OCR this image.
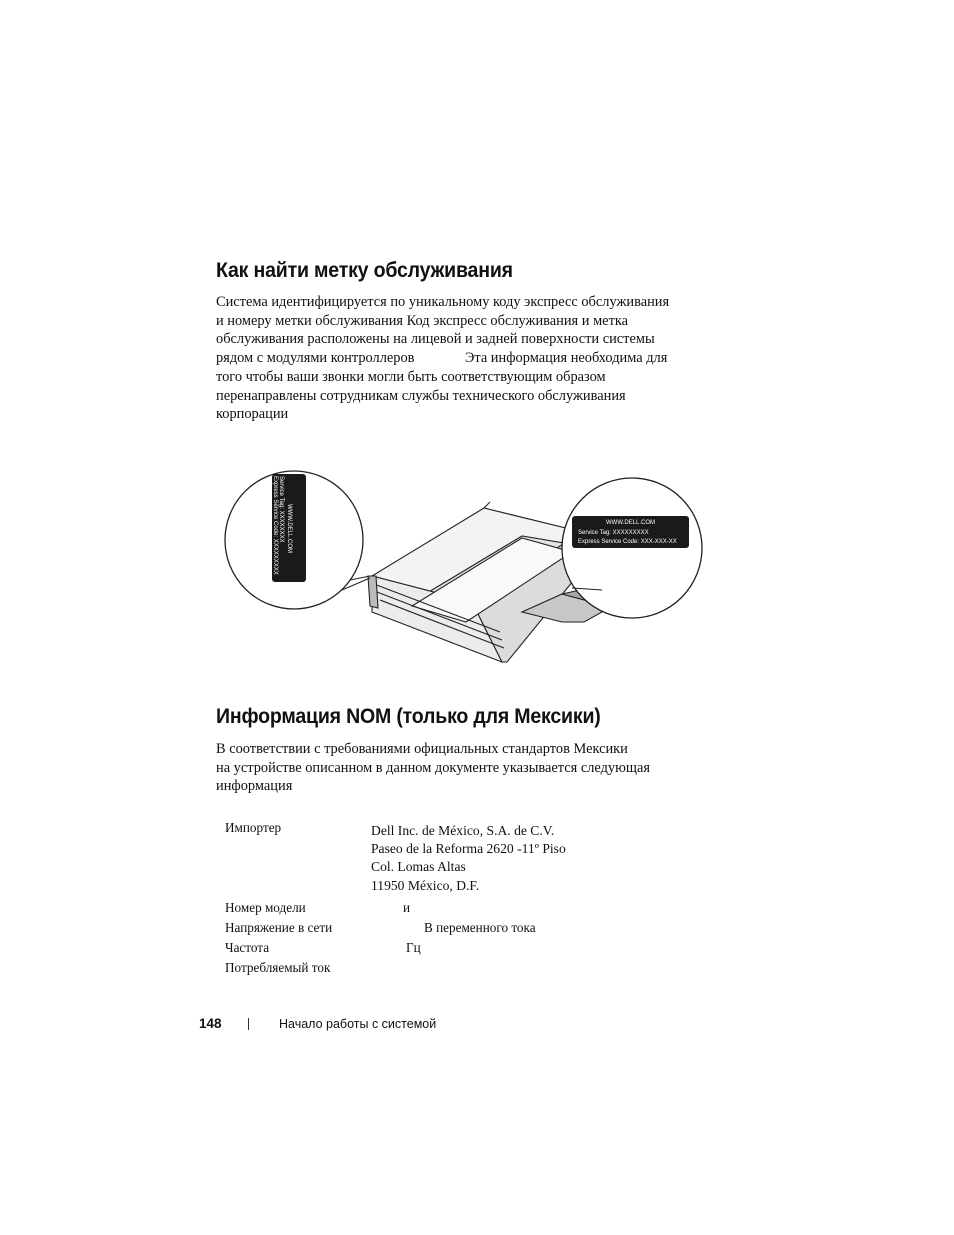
Как найти метку обслуживания
Система идентифицируется по уникальному коду экспресс обслуживания
и номеру метки обслуживания Код экспресс обслуживания и метка
обслуживания расположены на лицевой и задней поверхности системы
рядом с модулями контроллеров              Эта информация необходима для
того чтобы ваши звонки могли быть соответствующим образом
перенаправлены сотрудникам службы технического обслуживания
корпорации
WWW.DELL.COM
Service Tag: XXXXXXXX
Express Service Code: XXXXXXXXX	WWW.DELL.COM
Service Tag: XXXXXXXXX
Express Service Code: XXX-XXX-XX
Информация NOM (только для Мексики)
В соответствии с требованиями официальных стандартов Мексики
на устройстве описанном в данном документе указывается следующая
информация
Импортер	Dell Inc. de México, S.A. de C.V.
Paseo de la Reforma 2620 -11º Piso
Col. Lomas Altas
11950 México, D.F.
Номер модели	и
Напряжение в сети	В переменного тока
Частота	Гц
Потребляемый ток
148	Начало работы с системой
